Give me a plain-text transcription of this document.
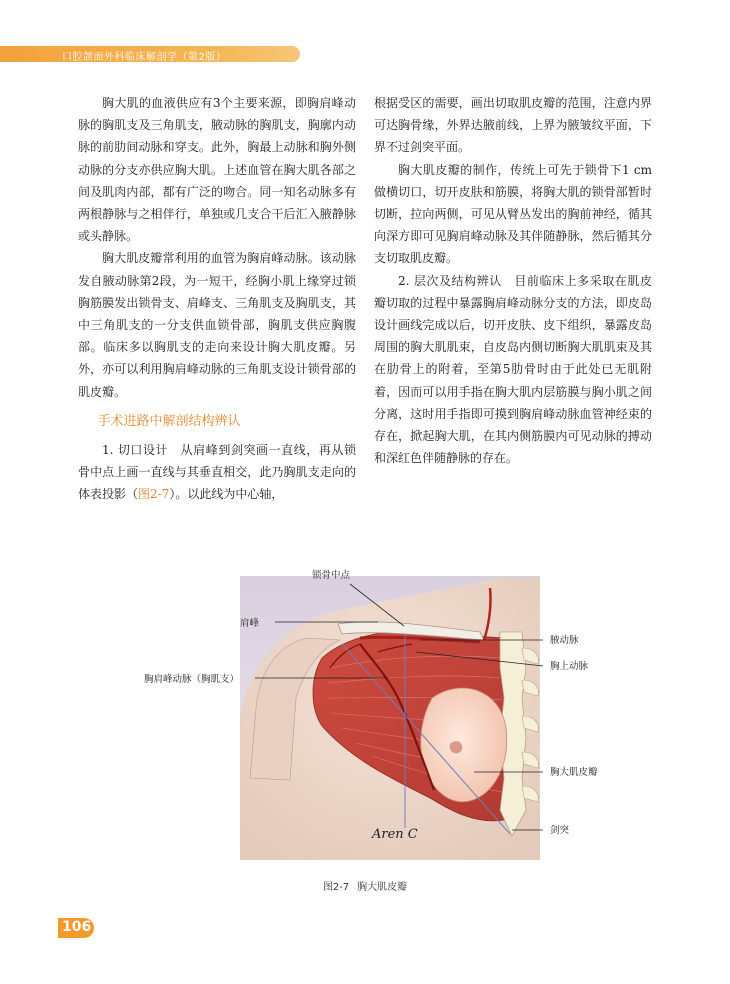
口腔颌面外科临床解剖学（第2版）

胸大肌的血液供应有3个主要来源，即胸肩峰动脉的胸肌支及三角肌支，腋动脉的胸肌支，胸廓内动脉的前肋间动脉和穿支。此外，胸最上动脉和胸外侧动脉的分支亦供应胸大肌。上述血管在胸大肌各部之间及肌肉内部，都有广泛的吻合。同一知名动脉多有两根静脉与之相伴行，单独或几支合干后汇入腋静脉或头静脉。

胸大肌皮瓣常利用的血管为胸肩峰动脉。该动脉发自腋动脉第2段，为一短干，经胸小肌上缘穿过锁胸筋膜发出锁骨支、肩峰支、三角肌支及胸肌支，其中三角肌支的一分支供血锁骨部，胸肌支供应胸腹部。临床多以胸肌支的走向来设计胸大肌皮瓣。另外，亦可以利用胸肩峰动脉的三角肌支设计锁骨部的肌皮瓣。

手术进路中解剖结构辨认

1. 切口设计　 从肩峰到剑突画一直线，再从锁骨中点上画一直线与其垂直相交，此乃胸肌支走向的体表投影（图2-7）。以此线为中心轴，

根据受区的需要，画出切取肌皮瓣的范围，注意内界可达胸骨缘，外界达腋前线，上界为腋皱纹平面，下界不过剑突平面。

胸大肌皮瓣的制作，传统上可先于锁骨下1 cm做横切口，切开皮肤和筋膜，将胸大肌的锁骨部暂时切断，拉向两侧，可见从臂丛发出的胸前神经，循其向深方即可见胸肩峰动脉及其伴随静脉，然后循其分支切取肌皮瓣。

2. 层次及结构辨认　 目前临床上多采取在肌皮瓣切取的过程中暴露胸肩峰动脉分支的方法，即皮岛设计画线完成以后，切开皮肤、皮下组织，暴露皮岛周围的胸大肌肌束，自皮岛内侧切断胸大肌肌束及其在肋骨上的附着，至第5肋骨时由于此处已无肌附着，因而可以用手指在胸大肌内层筋膜与胸小肌之间分离，这时用手指即可摸到胸肩峰动脉血管神经束的存在，掀起胸大肌，在其内侧筋膜内可见动脉的搏动和深红色伴随静脉的存在。

Aren C
锁骨中点
肩峰
胸肩峰动脉（胸肌支）
腋动脉
胸上动脉
胸大肌皮瓣
剑突
图2-7 胸大肌皮瓣
106
